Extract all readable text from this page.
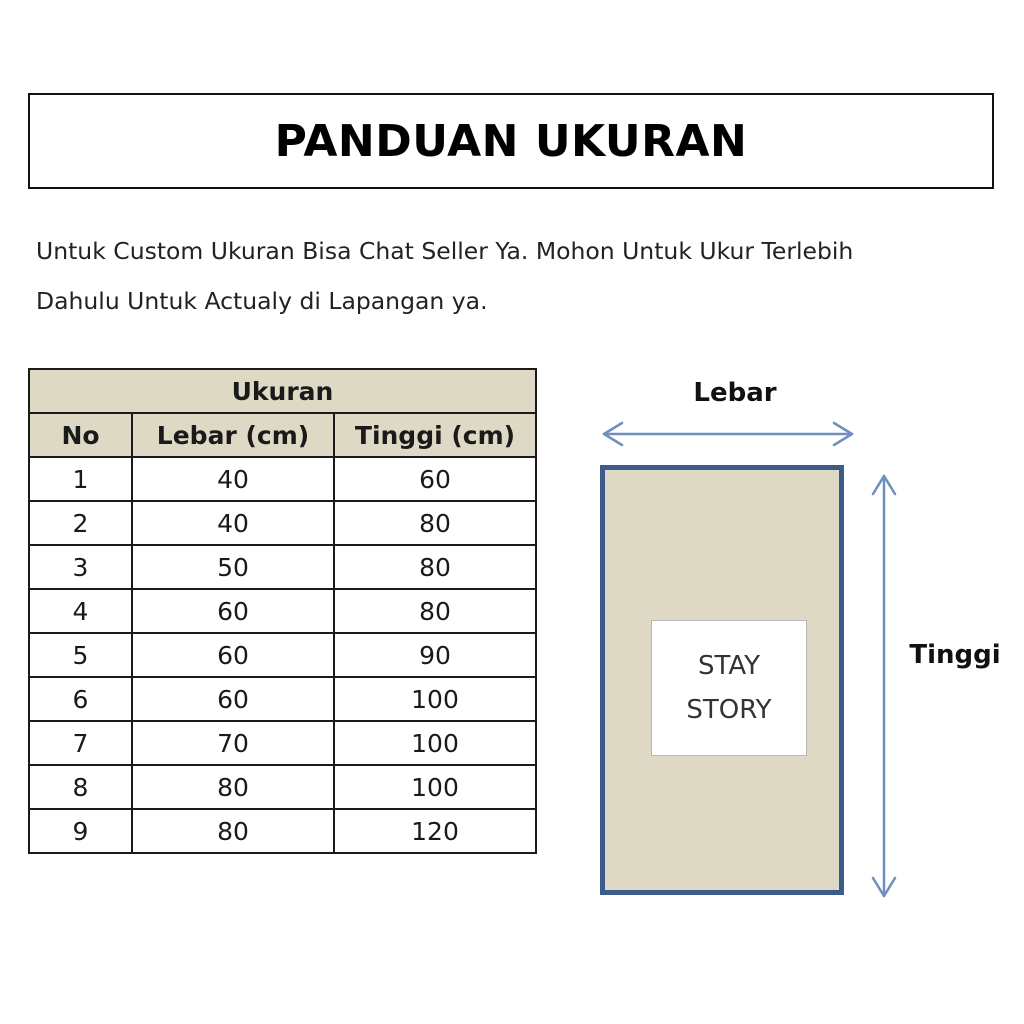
PANDUAN UKURAN
Untuk Custom Ukuran Bisa Chat Seller Ya. Mohon Untuk Ukur Terlebih
Dahulu Untuk Actualy di Lapangan ya.
Ukuran		
No	Lebar (cm)	Tinggi (cm)
1	40	60
2	40	80
3	50	80
4	60	80
5	60	90
6	60	100
7	70	100
8	80	100
9	80	120
Lebar
STAY
STORY
Tinggi
